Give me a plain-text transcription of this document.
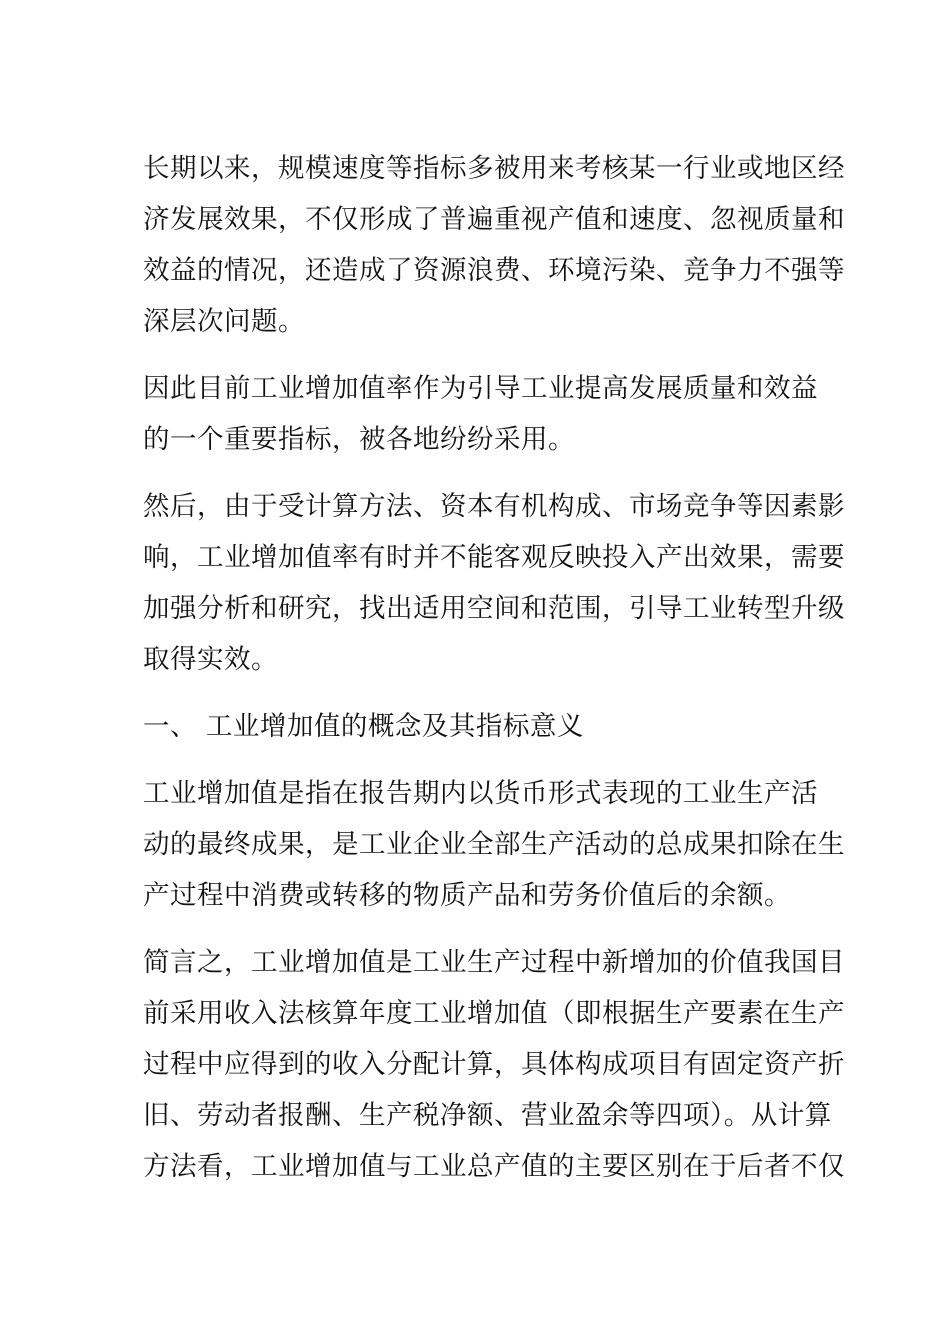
长期以来，规模速度等指标多被用来考核某一行业或地区经
济发展效果，不仅形成了普遍重视产值和速度、忽视质量和
效益的情况，还造成了资源浪费、环境污染、竞争力不强等
深层次问题。

因此目前工业增加值率作为引导工业提高发展质量和效益
的一个重要指标，被各地纷纷采用。

然后，由于受计算方法、资本有机构成、市场竞争等因素影
响，工业增加值率有时并不能客观反映投入产出效果，需要
加强分析和研究，找出适用空间和范围，引导工业转型升级
取得实效。

一、 工业增加值的概念及其指标意义

工业增加值是指在报告期内以货币形式表现的工业生产活
动的最终成果，是工业企业全部生产活动的总成果扣除在生
产过程中消费或转移的物质产品和劳务价值后的余额。

简言之，工业增加值是工业生产过程中新增加的价值我国目
前采用收入法核算年度工业增加值（即根据生产要素在生产
过程中应得到的收入分配计算，具体构成项目有固定资产折
旧、劳动者报酬、生产税净额、营业盈余等四项）。从计算
方法看，工业增加值与工业总产值的主要区别在于后者不仅
